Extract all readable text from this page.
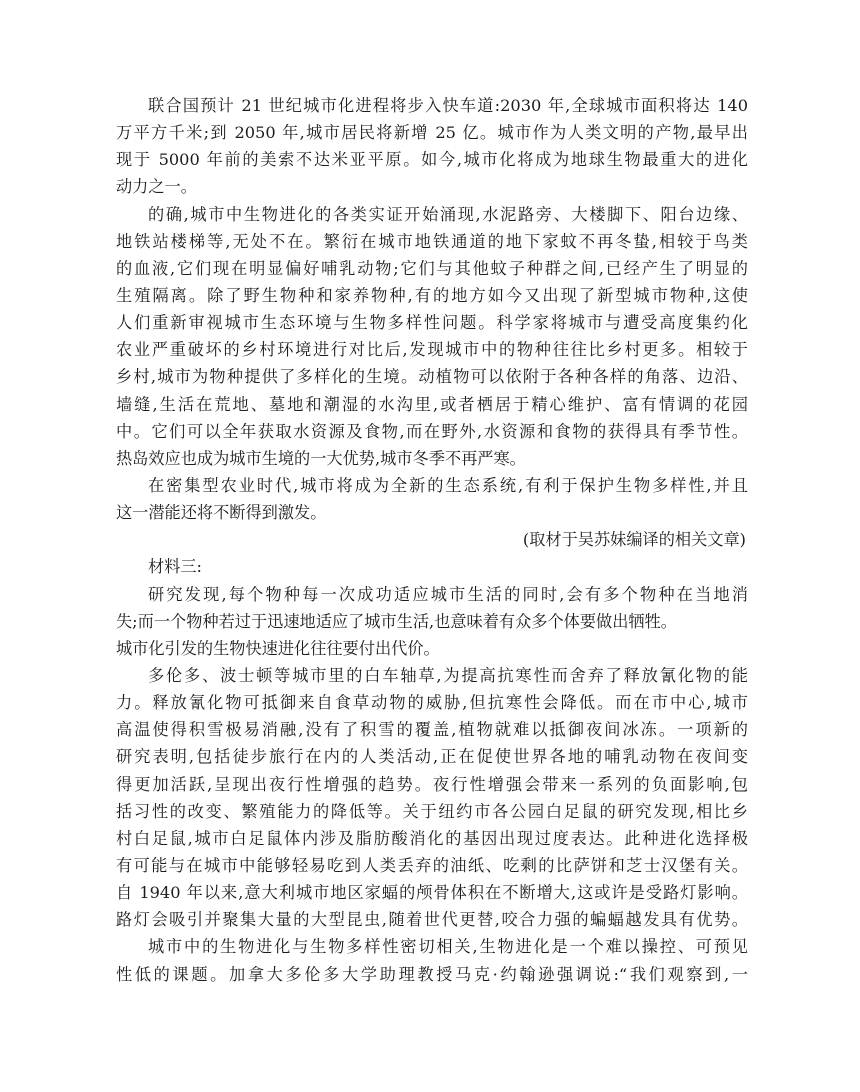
联合国预计 21 世纪城市化进程将步入快车道:2030 年,全球城市面积将达 140
万平方千米;到 2050 年,城市居民将新增 25 亿。城市作为人类文明的产物,最早出
现于 5000 年前的美索不达米亚平原。如今,城市化将成为地球生物最重大的进化
动力之一。
的确,城市中生物进化的各类实证开始涌现,水泥路旁、大楼脚下、阳台边缘、
地铁站楼梯等,无处不在。繁衍在城市地铁通道的地下家蚊不再冬蛰,相较于鸟类
的血液,它们现在明显偏好哺乳动物;它们与其他蚊子种群之间,已经产生了明显的
生殖隔离。除了野生物种和家养物种,有的地方如今又出现了新型城市物种,这使
人们重新审视城市生态环境与生物多样性问题。科学家将城市与遭受高度集约化
农业严重破坏的乡村环境进行对比后,发现城市中的物种往往比乡村更多。相较于
乡村,城市为物种提供了多样化的生境。动植物可以依附于各种各样的角落、边沿、
墙缝,生活在荒地、墓地和潮湿的水沟里,或者栖居于精心维护、富有情调的花园
中。它们可以全年获取水资源及食物,而在野外,水资源和食物的获得具有季节性。
热岛效应也成为城市生境的一大优势,城市冬季不再严寒。
在密集型农业时代,城市将成为全新的生态系统,有利于保护生物多样性,并且
这一潜能还将不断得到激发。
(取材于吴苏妹编译的相关文章)
材料三:
研究发现,每个物种每一次成功适应城市生活的同时,会有多个物种在当地消
失;而一个物种若过于迅速地适应了城市生活,也意味着有众多个体要做出牺牲。
城市化引发的生物快速进化往往要付出代价。
多伦多、波士顿等城市里的白车轴草,为提高抗寒性而舍弃了释放氰化物的能
力。释放氰化物可抵御来自食草动物的威胁,但抗寒性会降低。而在市中心,城市
高温使得积雪极易消融,没有了积雪的覆盖,植物就难以抵御夜间冰冻。一项新的
研究表明,包括徒步旅行在内的人类活动,正在促使世界各地的哺乳动物在夜间变
得更加活跃,呈现出夜行性增强的趋势。夜行性增强会带来一系列的负面影响,包
括习性的改变、繁殖能力的降低等。关于纽约市各公园白足鼠的研究发现,相比乡
村白足鼠,城市白足鼠体内涉及脂肪酸消化的基因出现过度表达。此种进化选择极
有可能与在城市中能够轻易吃到人类丢弃的油纸、吃剩的比萨饼和芝士汉堡有关。
自 1940 年以来,意大利城市地区家蝠的颅骨体积在不断增大,这或许是受路灯影响。
路灯会吸引并聚集大量的大型昆虫,随着世代更替,咬合力强的蝙蝠越发具有优势。
城市中的生物进化与生物多样性密切相关,生物进化是一个难以操控、可预见
性低的课题。加拿大多伦多大学助理教授马克·约翰逊强调说:“我们观察到,一
